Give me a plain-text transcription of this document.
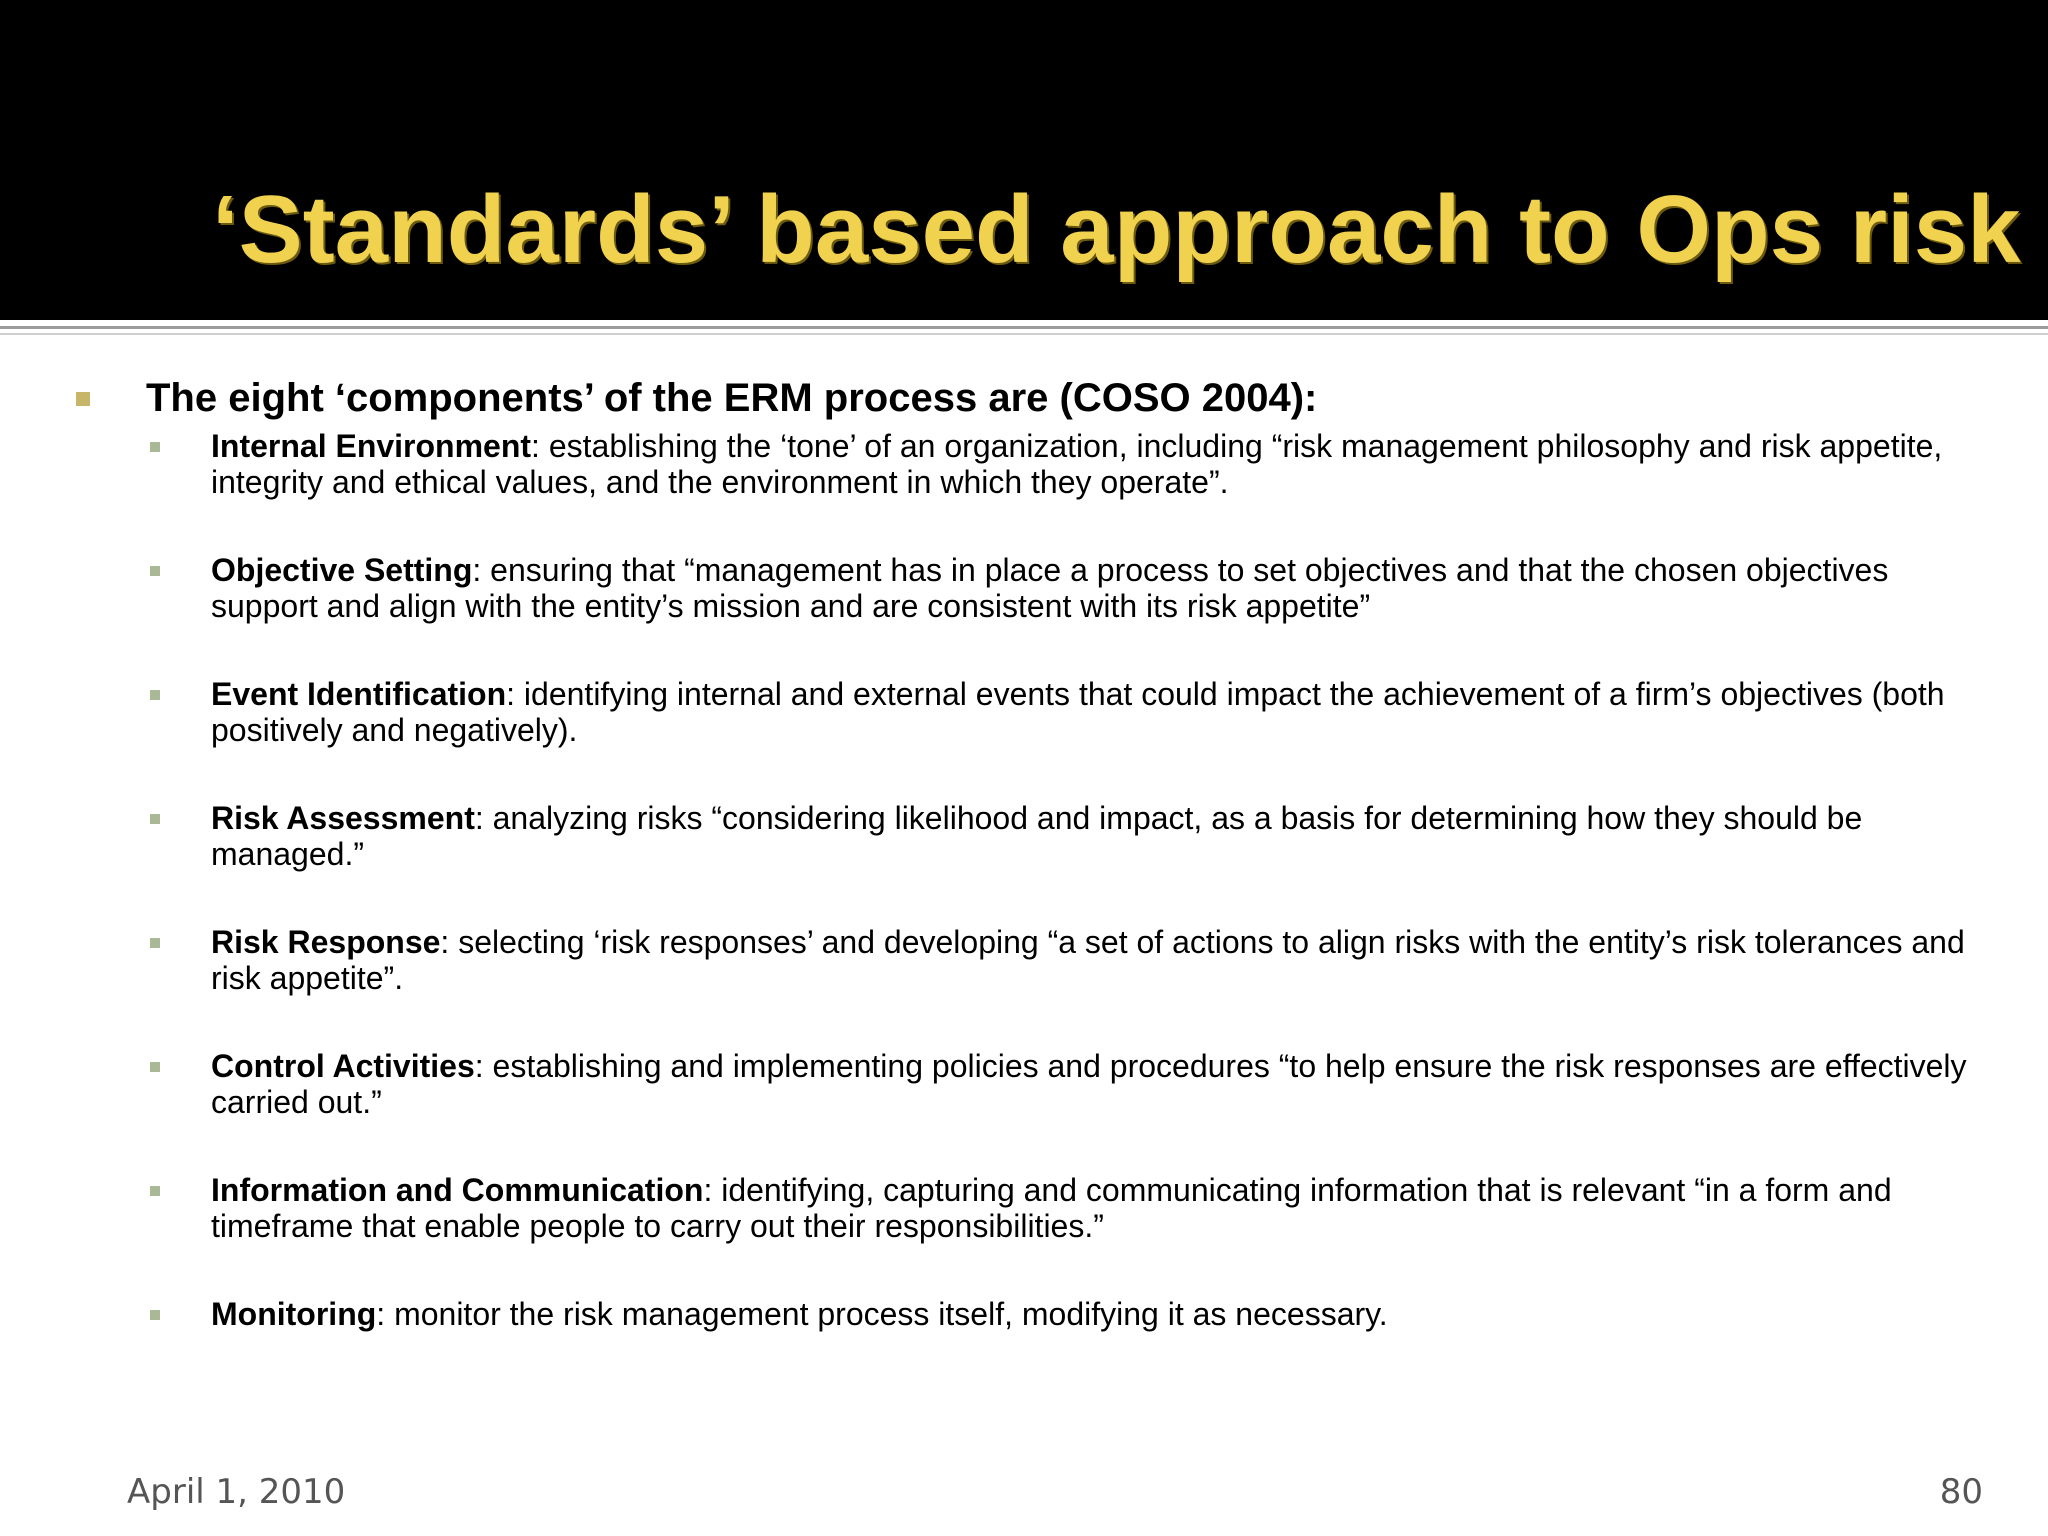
‘Standards’ based approach to Ops risk
The eight ‘components’ of the ERM process are (COSO 2004):
Internal Environment: establishing the ‘tone’ of an organization, including “risk management philosophy and risk appetite, integrity and ethical values, and the environment in which they operate”.
Objective Setting: ensuring that “management has in place a process to set objectives and that the chosen objectives support and align with the entity’s mission and are consistent with its risk appetite”
Event Identification: identifying internal and external events that could impact the achievement of a firm’s objectives (both positively and negatively).
Risk Assessment: analyzing risks “considering likelihood and impact, as a basis for determining how they should be managed.”
Risk Response: selecting ‘risk responses’ and developing “a set of actions to align risks with the entity’s risk tolerances and risk appetite”.
Control Activities: establishing and implementing policies and procedures “to help ensure the risk responses are effectively carried out.”
Information and Communication: identifying, capturing and communicating information that is relevant “in a form and timeframe that enable people to carry out their responsibilities.”
Monitoring: monitor the risk management process itself, modifying it as necessary.
April 1, 2010	80
